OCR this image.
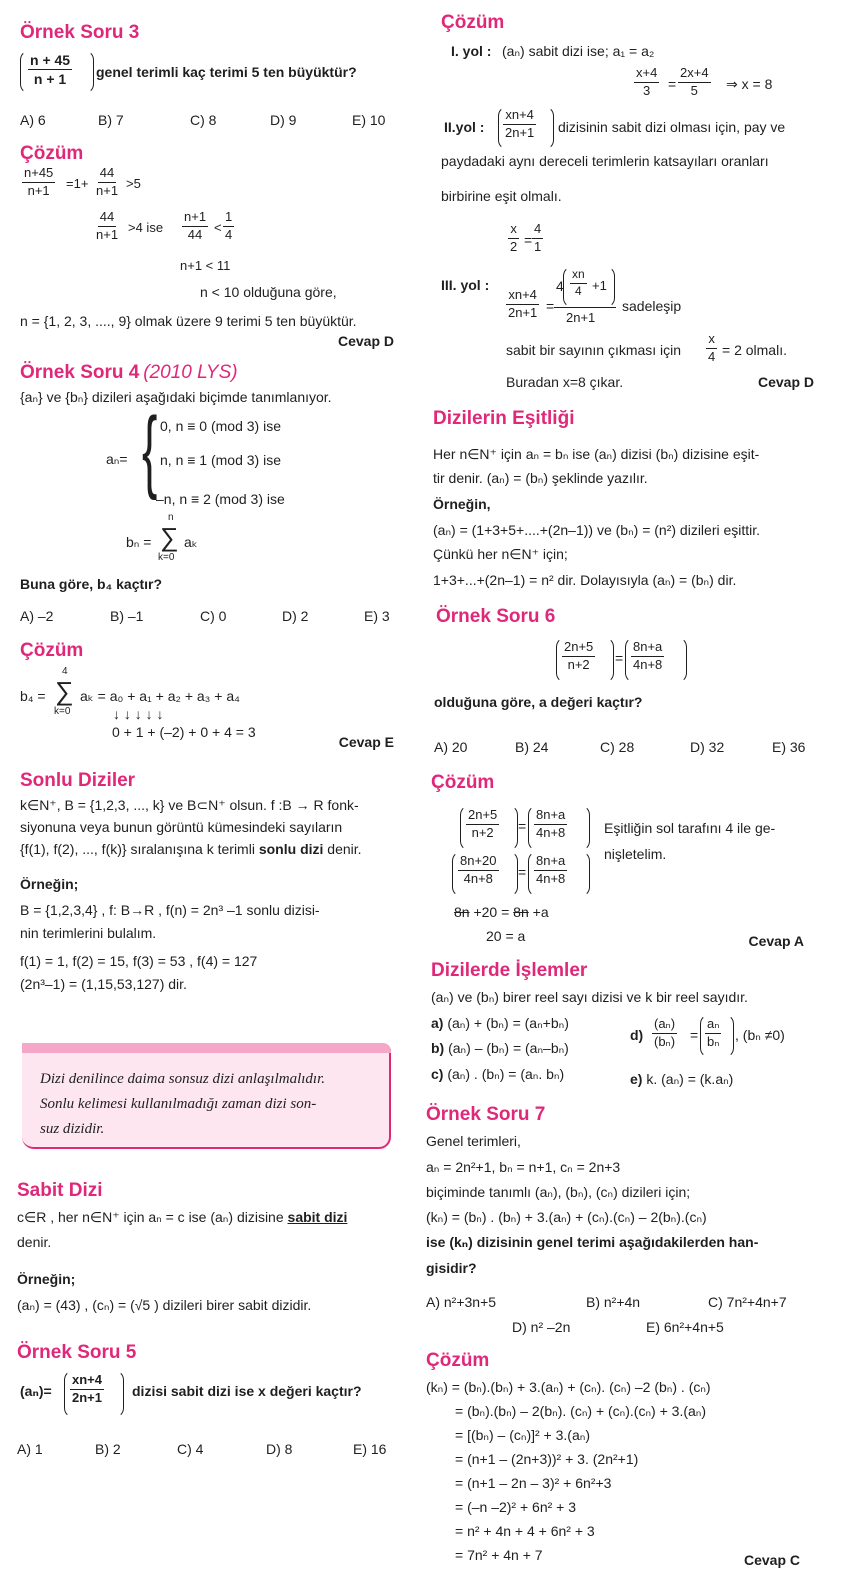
Örnek Soru 3
$\frac{n + 45}{n + 1}$ genel terimli kaç terimi 5 ten büyüktür?
A) 6	B) 7	C) 8	D) 9	E) 10
Çözüm
$\frac{n+45}{n+1} =1+ \frac{44}{n+1} >5$
$\frac{44}{n+1} >4$ ise $\frac{n+1}{44} < \frac{1}{4}$
n+1 < 11
n < 10 olduğuna göre,
n = {1, 2, 3, ...., 9} olmak üzere 9 terimi 5 ten büyüktür.
Cevap D
Örnek Soru 4 (2010 LYS)
{aₙ} ve {bₙ} dizileri aşağıdaki biçimde tanımlanıyor.
aₙ= { 0, n ≡ 0 (mod 3) ise
n, n ≡ 1 (mod 3) ise
–n, n ≡ 2 (mod 3) ise
bₙ =
n
∑
k=0
aₖ
Buna göre, b₄ kaçtır?
A) –2	B) –1	C) 0	D) 2	E) 3
Çözüm
b₄ =
4
∑
k=0
aₖ = a₀ + a₁ + a₂ + a₃ + a₄
↓ ↓ ↓ ↓ ↓
0 + 1 + (–2) + 0 + 4 = 3
Cevap E
Sonlu Diziler
k∈N⁺, B = {1,2,3, ..., k} ve B⊂N⁺ olsun. f :B → R fonk-
siyonuna veya bunun görüntü kümesindeki sayıların
{f(1), f(2), ..., f(k)} sıralanışına k terimli sonlu dizi denir.
Örneğin;
B = {1,2,3,4} , f: B→R , f(n) = 2n³ –1 sonlu dizisi-
nin terimlerini bulalım.
f(1) = 1, f(2) = 15, f(3) = 53 , f(4) = 127
(2n³–1) = (1,15,53,127) dir.
Dizi denilince daima sonsuz dizi anlaşılmalıdır.
Sonlu kelimesi kullanılmadığı zaman dizi son-
suz dizidir.
Sabit Dizi
c∈R , her n∈N⁺ için aₙ = c ise (aₙ) dizisine sabit dizi
denir.
Örneğin;
(aₙ) = (43) , (cₙ) = (√5 ) dizileri birer sabit dizidir.
Örnek Soru 5
$(a_n)= \frac{xn+4}{2n+1}$ dizisi sabit dizi ise x değeri kaçtır?
A) 1	B) 2	C) 4	D) 8	E) 16
Çözüm
I. yol : (aₙ) sabit dizi ise; a₁ = a₂
$\frac{x+4}{3} = \frac{2x+4}{5}$ ⇒ x = 8
II.yol : $\frac{xn+4}{2n+1}$ dizisinin sabit dizi olması için, pay ve
paydadaki aynı dereceli terimlerin katsayıları oranları
birbirine eşit olmalı.
$\frac{x}{2} = \frac{4}{1}$
III. yol :
$\frac{xn+4}{2n+1}$ =
$4 \frac{xn}{4} +1$
2n+1
sadeleşip
sabit bir sayının çıkması için $\frac{x}{4} = 2$ olmalı.
Buradan x=8 çıkar.	Cevap D
Dizilerin Eşitliği
Her n∈N⁺ için aₙ = bₙ ise (aₙ) dizisi (bₙ) dizisine eşit-
tir denir. (aₙ) = (bₙ) şeklinde yazılır.
Örneğin,
(aₙ) = (1+3+5+....+(2n–1)) ve (bₙ) = (n²) dizileri eşittir.
Çünkü her n∈N⁺ için;
1+3+...+(2n–1) = n² dir. Dolayısıyla (aₙ) = (bₙ) dir.
Örnek Soru 6
$\frac{2n+5}{n+2} = \frac{8n+a}{4n+8}$
olduğuna göre, a değeri kaçtır?
A) 20	B) 24	C) 28	D) 32	E) 36
Çözüm
$\frac{2n+5}{n+2} = \frac{8n+a}{4n+8}$	Eşitliğin sol tarafını 4 ile ge-
nişletelim.
$\frac{8n+20}{4n+8} = \frac{8n+a}{4n+8}$
8n +20 = 8n +a
20 = a	Cevap A
Dizilerde İşlemler
(aₙ) ve (bₙ) birer reel sayı dizisi ve k bir reel sayıdır.
a) (aₙ) + (bₙ) = (aₙ+bₙ)
b) (aₙ) – (bₙ) = (aₙ–bₙ)
c) (aₙ) . (bₙ) = (aₙ. bₙ)
$d) \frac{\text{(aₙ)}}{\text{(bₙ)}} = \frac{\text{aₙ}}{\text{bₙ}}$ , (bₙ ≠0)
e) k. (aₙ) = (k.aₙ)
Örnek Soru 7
Genel terimleri,
aₙ = 2n²+1, bₙ = n+1, cₙ = 2n+3
biçiminde tanımlı (aₙ), (bₙ), (cₙ) dizileri için;
(kₙ) = (bₙ) . (bₙ) + 3.(aₙ) + (cₙ).(cₙ) – 2(bₙ).(cₙ)
ise (kₙ) dizisinin genel terimi aşağıdakilerden han-
gisidir?
A) n²+3n+5	B) n²+4n	C) 7n²+4n+7
D) n² –2n	E) 6n²+4n+5
Çözüm
(kₙ) = (bₙ).(bₙ) + 3.(aₙ) + (cₙ). (cₙ) –2 (bₙ) . (cₙ)
= (bₙ).(bₙ) – 2(bₙ). (cₙ) + (cₙ).(cₙ) + 3.(aₙ)
= [(bₙ) – (cₙ)]² + 3.(aₙ)
= (n+1 – (2n+3))² + 3. (2n²+1)
= (n+1 – 2n – 3)² + 6n²+3
= (–n –2)² + 6n² + 3
= n² + 4n + 4 + 6n² + 3
= 7n² + 4n + 7	Cevap C
